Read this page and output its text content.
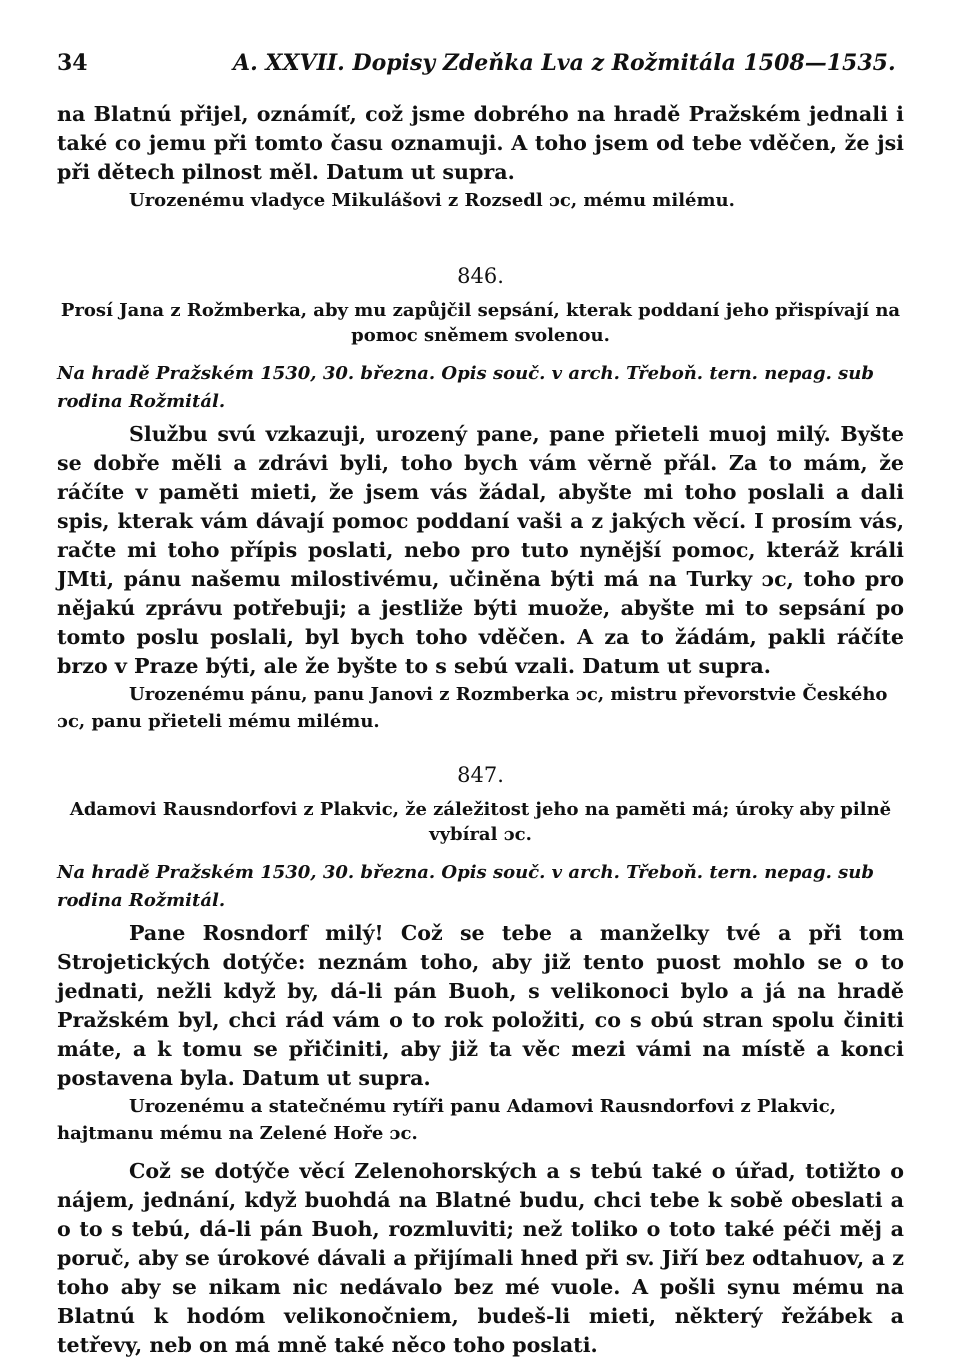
34	A. XXVII. Dopisy Zdeňka Lva z Rožmitála 1508—1535.

na Blatnú přijel, oznámíť, což jsme dobrého na hradě Pražském jednali i také co jemu při tomto času oznamuji. A toho jsem od tebe vděčen, že jsi při dětech pilnost měl. Datum ut supra.

Urozenému vladyce Mikulášovi z Rozsedl ɔc, mému milému.

846.

Prosí Jana z Rožmberka, aby mu zapůjčil sepsání, kterak poddaní jeho přispívají na pomoc sněmem svolenou.

Na hradě Pražském 1530, 30. března. Opis souč. v arch. Třeboň. tern. nepag. sub rodina Rožmitál.

Službu svú vzkazuji, urozený pane, pane přieteli muoj milý. Byšte se dobře měli a zdrávi byli, toho bych vám věrně přál. Za to mám, že ráčíte v paměti mieti, že jsem vás žádal, abyšte mi toho poslali a dali spis, kterak vám dávají pomoc poddaní vaši a z jakých věcí. I prosím vás, račte mi toho přípis poslati, nebo pro tuto nynější pomoc, kteráž králi JMti, pánu našemu milostivému, učiněna býti má na Turky ɔc, toho pro nějakú zprávu potřebuji; a jestliže býti muože, abyšte mi to sepsání po tomto poslu poslali, byl bych toho vděčen. A za to žádám, pakli ráčíte brzo v Praze býti, ale že byšte to s sebú vzali. Datum ut supra.

Urozenému pánu, panu Janovi z Rozmberka ɔc, mistru převorstvie Českého ɔc, panu přieteli mému milému.

847.

Adamovi Rausndorfovi z Plakvic, že záležitost jeho na paměti má; úroky aby pilně vybíral ɔc.

Na hradě Pražském 1530, 30. března. Opis souč. v arch. Třeboň. tern. nepag. sub rodina Rožmitál.

Pane Rosndorf milý! Což se tebe a manželky tvé a při tom Strojetických dotýče: neznám toho, aby již tento puost mohlo se o to jednati, nežli když by, dá-li pán Buoh, s velikonoci bylo a já na hradě Pražském byl, chci rád vám o to rok položiti, co s obú stran spolu činiti máte, a k tomu se přičiniti, aby již ta věc mezi vámi na místě a konci postavena byla. Datum ut supra.

Urozenému a statečnému rytíři panu Adamovi Rausndorfovi z Plakvic, hajtmanu mému na Zelené Hoře ɔc.

Což se dotýče věcí Zelenohorských a s tebú také o úřad, totižto o nájem, jednání, když buohdá na Blatné budu, chci tebe k sobě obeslati a o to s tebú, dá-li pán Buoh, rozmluviti; než toliko o toto také péči měj a poruč, aby se úrokové dávali a přijímali hned při sv. Jiří bez odtahuov, a z toho aby se nikam nic nedávalo bez mé vuole. A pošli synu mému na Blatnú k hodóm velikonočniem, budeš-li mieti, některý řežábek a tetřevy, neb on má mně také něco toho poslati.
